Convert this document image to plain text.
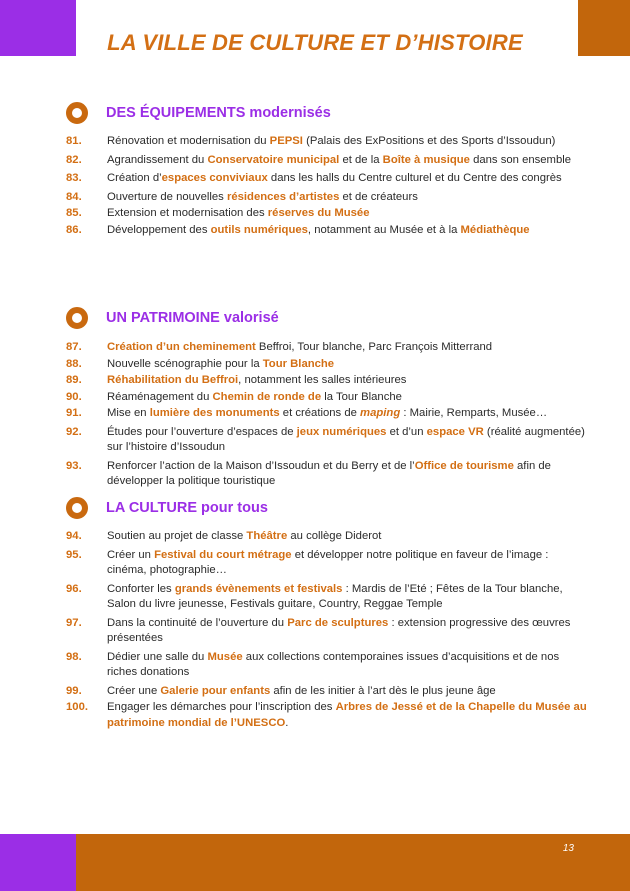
LA VILLE DE CULTURE ET D’HISTOIRE
DES ÉQUIPEMENTS modernisés
81.	Rénovation et modernisation du PEPSI (Palais des ExPositions et des Sports d’Issoudun)
82.	Agrandissement du Conservatoire municipal et de la Boîte à musique dans son ensemble
83.	Création d’espaces conviviaux dans les halls du Centre culturel et du Centre des congrès
84.	Ouverture de nouvelles résidences d’artistes et de créateurs
85.	Extension et modernisation des réserves du Musée
86.	Développement des outils numériques, notamment au Musée et à la Médiathèque
UN PATRIMOINE valorisé
87.	Création d’un cheminement Beffroi, Tour blanche, Parc François Mitterrand
88.	Nouvelle scénographie pour la Tour Blanche
89.	Réhabilitation du Beffroi, notamment les salles intérieures
90.	Réaménagement du Chemin de ronde de la Tour Blanche
91.	Mise en lumière des monuments et créations de maping : Mairie, Remparts, Musée…
92.	Études pour l’ouverture d’espaces de jeux numériques et d’un espace VR (réalité augmentée) sur l’histoire d’Issoudun
93.	Renforcer l’action de la Maison d’Issoudun et du Berry et de l’Office de tourisme afin de développer la politique touristique
LA CULTURE pour tous
94.	Soutien au projet de classe Théâtre au collège Diderot
95.	Créer un Festival du court métrage et développer notre politique en faveur de l’image : cinéma, photographie…
96.	Conforter les grands évènements et festivals : Mardis de l’Eté ; Fêtes de la Tour blanche, Salon du livre jeunesse, Festivals guitare, Country, Reggae Temple
97.	Dans la continuité de l’ouverture du Parc de sculptures : extension progressive des œuvres présentées
98.	Dédier une salle du Musée aux collections contemporaines issues d’acquisitions et de nos riches donations
99.	Créer une Galerie pour enfants afin de les initier à l’art dès le plus jeune âge
100.	Engager les démarches pour l’inscription des Arbres de Jessé et de la Chapelle du Musée au patrimoine mondial de l’UNESCO.
13
